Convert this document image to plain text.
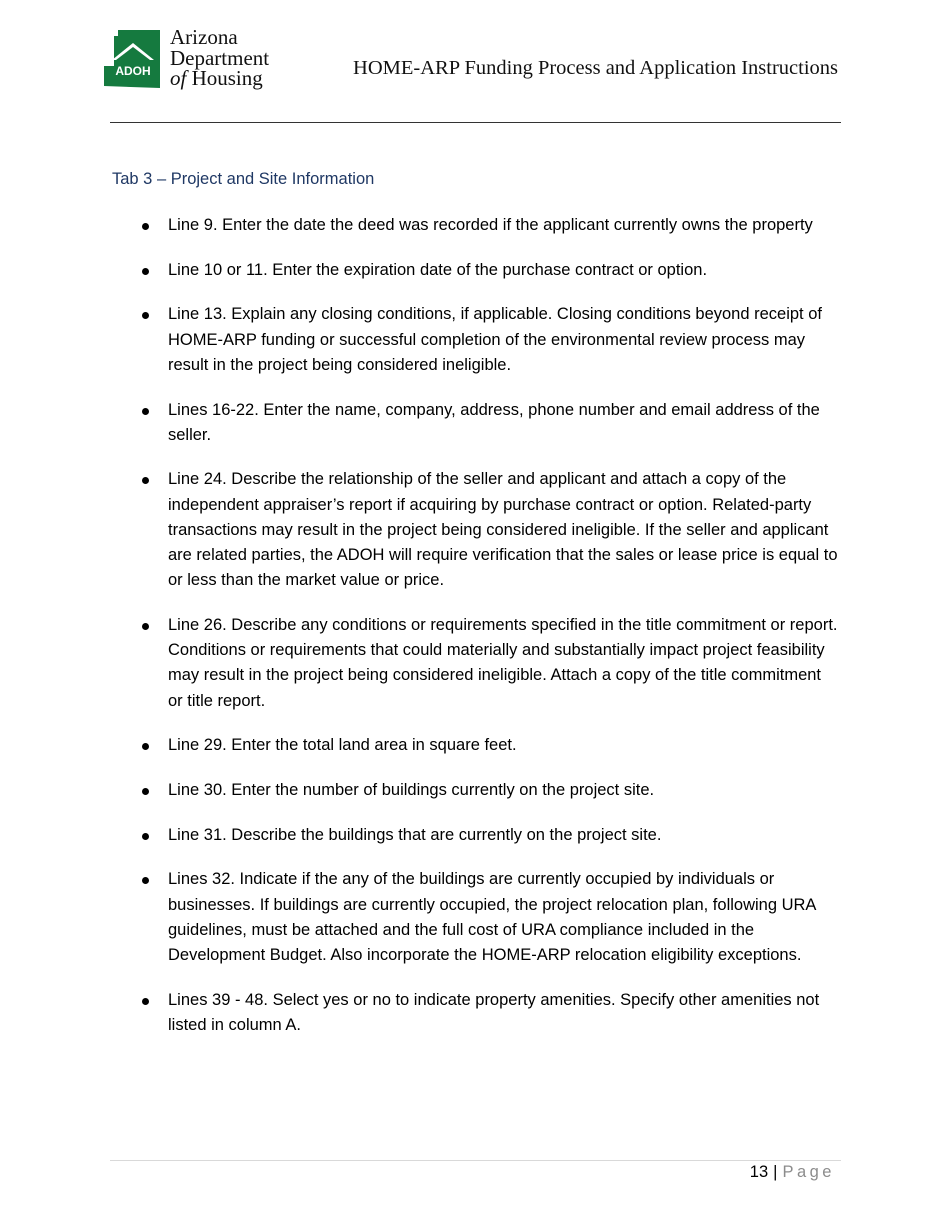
ADOH
Arizona
Department
of Housing	HOME-ARP Funding Process and Application Instructions
Tab 3 – Project and Site Information
Line 9. Enter the date the deed was recorded if the applicant currently owns the property
Line 10 or 11. Enter the expiration date of the purchase contract or option.
Line 13. Explain any closing conditions, if applicable. Closing conditions beyond receipt of HOME-ARP funding or successful completion of the environmental review process may result in the project being considered ineligible.
Lines 16-22. Enter the name, company, address, phone number and email address of the seller.
Line 24. Describe the relationship of the seller and applicant and attach a copy of the independent appraiser’s report if acquiring by purchase contract or option. Related-party transactions may result in the project being considered ineligible. If the seller and applicant are related parties, the ADOH will require verification that the sales or lease price is equal to or less than the market value or price.
Line 26. Describe any conditions or requirements specified in the title commitment or report. Conditions or requirements that could materially and substantially impact project feasibility may result in the project being considered ineligible. Attach a copy of the title commitment or title report.
Line 29. Enter the total land area in square feet.
Line 30. Enter the number of buildings currently on the project site.
Line 31. Describe the buildings that are currently on the project site.
Lines 32. Indicate if the any of the buildings are currently occupied by individuals or businesses. If buildings are currently occupied, the project relocation plan, following URA guidelines, must be attached and the full cost of URA compliance included in the Development Budget. Also incorporate the HOME-ARP relocation eligibility exceptions.
Lines 39 - 48. Select yes or no to indicate property amenities. Specify other amenities not listed in column A.
13 | Page
